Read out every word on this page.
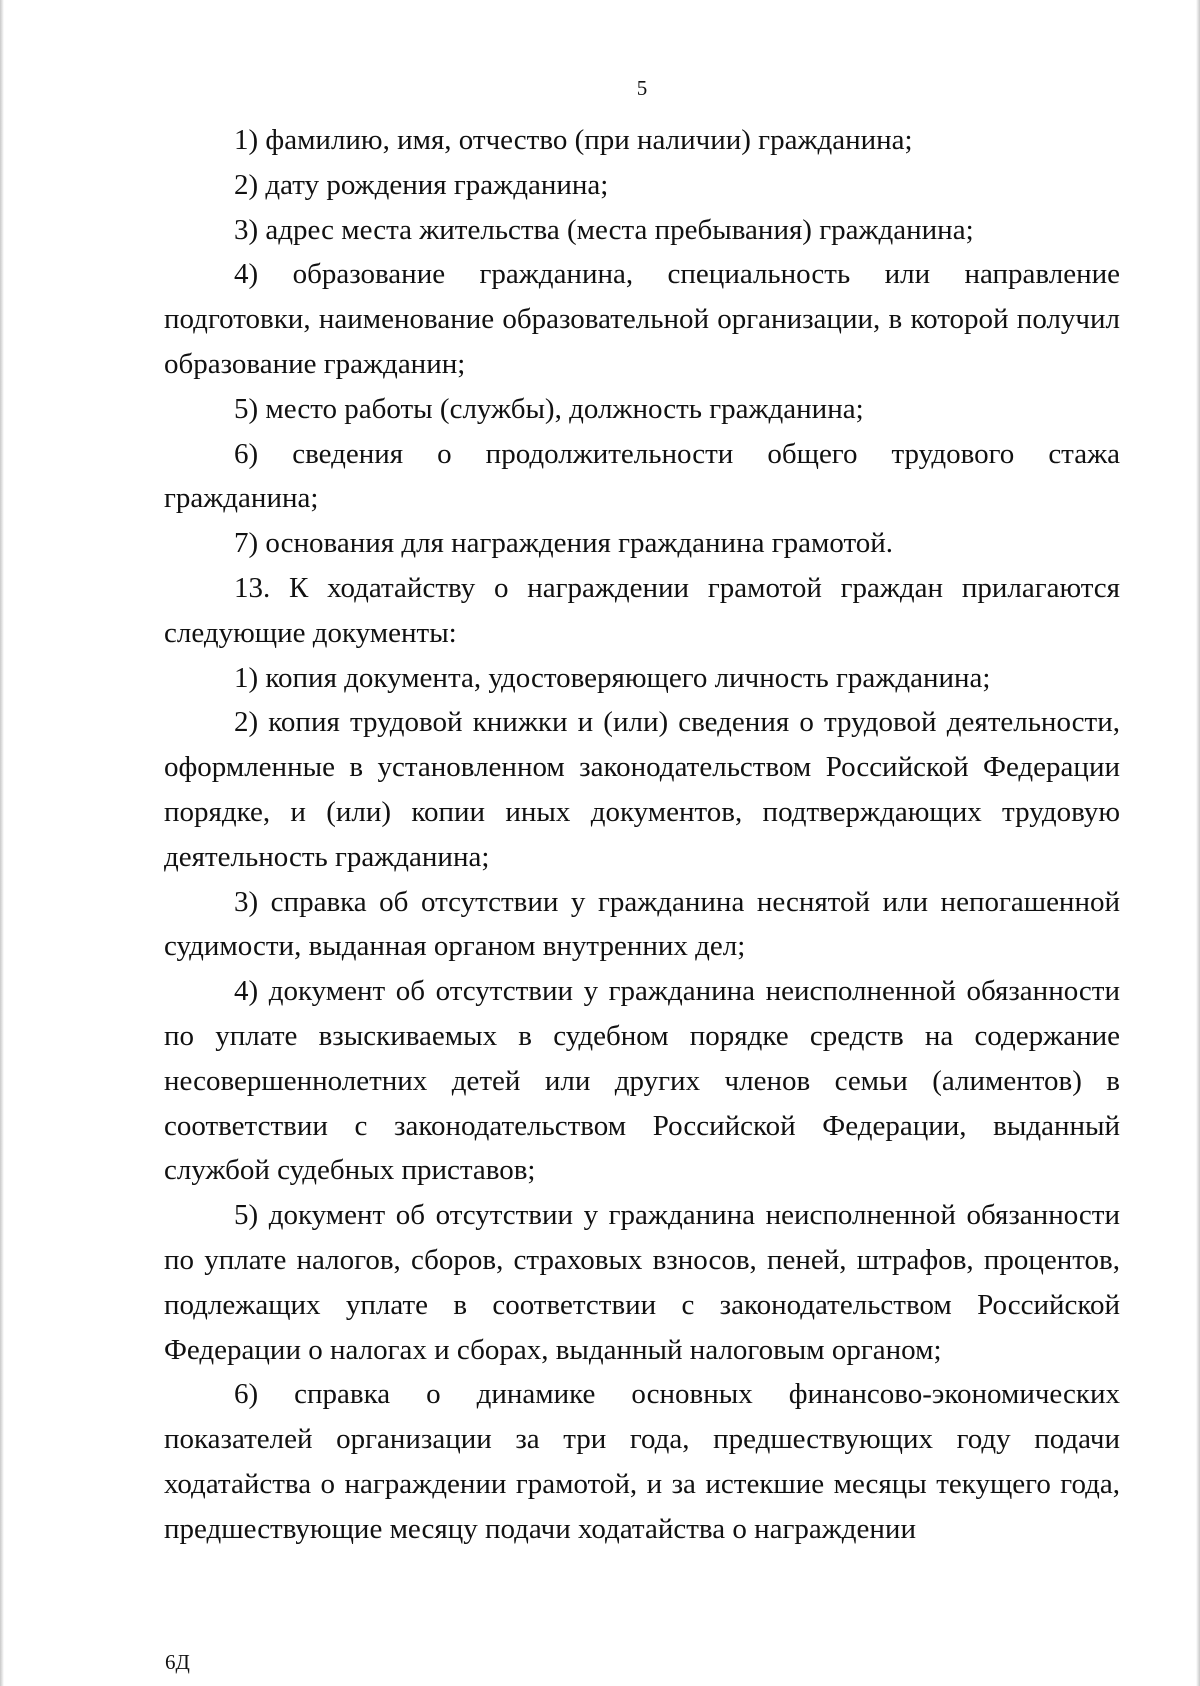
5

1) фамилию, имя, отчество (при наличии) гражданина;

2) дату рождения гражданина;

3) адрес места жительства (места пребывания) гражданина;

4) образование гражданина, специальность или направление подготовки, наименование образовательной организации, в которой получил образование гражданин;

5) место работы (службы), должность гражданина;

6) сведения о продолжительности общего трудового стажа гражданина;

7) основания для награждения гражданина грамотой.

13. К ходатайству о награждении грамотой граждан прилагаются следующие документы:

1) копия документа, удостоверяющего личность гражданина;

2) копия трудовой книжки и (или) сведения о трудовой деятельности, оформленные в установленном законодательством Российской Федерации порядке, и (или) копии иных документов, подтверждающих трудовую деятельность гражданина;

3) справка об отсутствии у гражданина неснятой или непогашенной судимости, выданная органом внутренних дел;

4) документ об отсутствии у гражданина неисполненной обязанности по уплате взыскиваемых в судебном порядке средств на содержание несовершеннолетних детей или других членов семьи (алиментов) в соответствии с законодательством Российской Федерации, выданный службой судебных приставов;

5) документ об отсутствии у гражданина неисполненной обязанности по уплате налогов, сборов, страховых взносов, пеней, штрафов, процентов, подлежащих уплате в соответствии с законодательством Российской Федерации о налогах и сборах, выданный налоговым органом;

6) справка о динамике основных финансово-экономических показателей организации за три года, предшествующих году подачи ходатайства о награждении грамотой, и за истекшие месяцы текущего года, предшествующие месяцу подачи ходатайства о награждении

6Д
